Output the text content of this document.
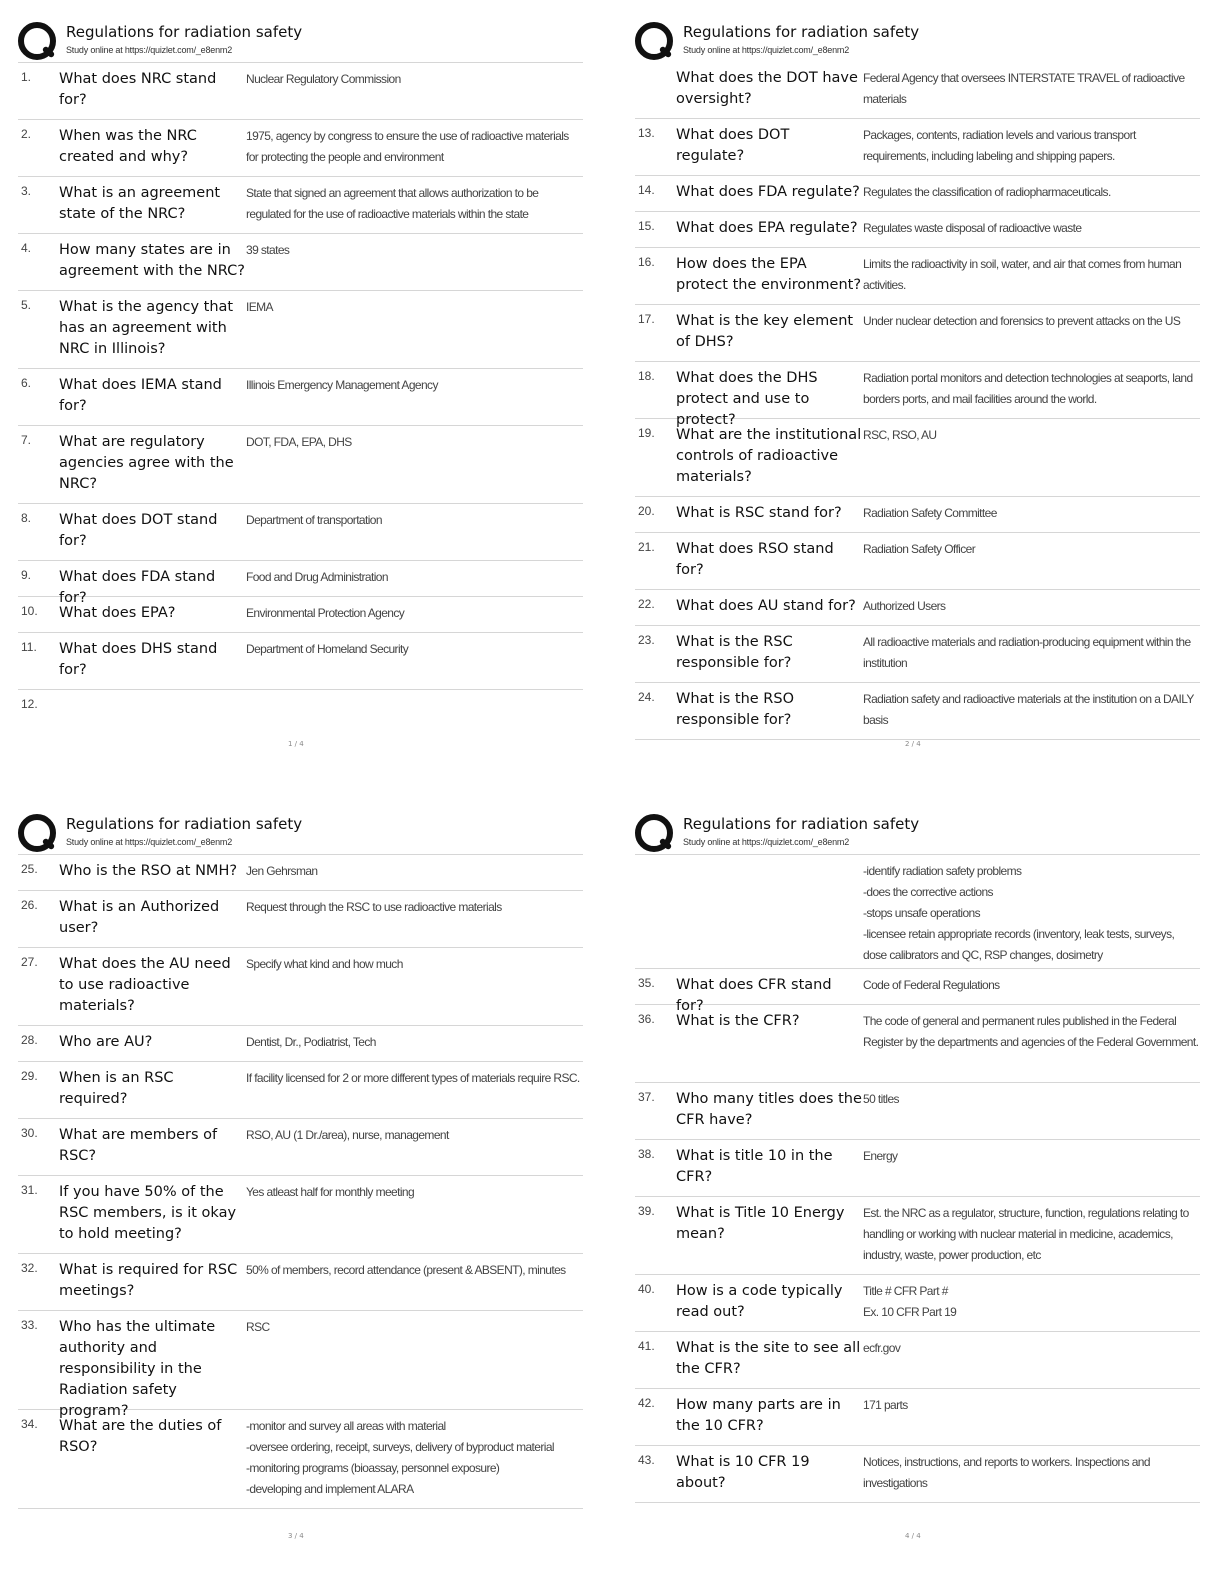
Regulations for radiation safety
Study online at https://quizlet.com/_e8enm2
1.	What does NRC stand for?
Nuclear Regulatory Commission
2.	When was the NRC created and why?
1975, agency by congress to ensure the use of radioactive materials for protecting the people and environment
3.	What is an agreement state of the NRC?
State that signed an agreement that allows authorization to be regulated for the use of radioactive materials within the state
4.	How many states are in agreement with the NRC?
39 states
5.	What is the agency that has an agreement with NRC in Illinois?
IEMA
6.	What does IEMA stand for?
Illinois Emergency Management Agency
7.	What are regulatory agencies agree with the NRC?
DOT, FDA, EPA, DHS
8.	What does DOT stand for?
Department of transportation
9.	What does FDA stand for?
Food and Drug Administration
10.	What does EPA?	Environmental Protection Agency
11.	What does DHS stand for?
Department of Homeland Security
12.
1 / 4
Regulations for radiation safety
Study online at https://quizlet.com/_e8enm2
What does the DOT have oversight?
Federal Agency that oversees INTERSTATE TRAVEL of radioactive materials
13.	What does DOT regulate?
Packages, contents, radiation levels and various transport requirements, including labeling and shipping papers.
14.	What does FDA regulate? Regulates the classification of radiopharmaceuticals.
15.	What does EPA regulate? Regulates waste disposal of radioactive waste
16.	How does the EPA protect the environment?
Limits the radioactivity in soil, water, and air that comes from human activities.
17.	What is the key element of DHS?
Under nuclear detection and forensics to prevent attacks on the US
18.	What does the DHS protect and use to protect?
Radiation portal monitors and detection technologies at seaports, land borders ports, and mail facilities around the world.
19.	What are the institutional controls of radioactive materials?
RSC, RSO, AU
20.	What is RSC stand for?	Radiation Safety Committee
21.	What does RSO stand for?
Radiation Safety Officer
22.	What does AU stand for? Authorized Users
23.	What is the RSC responsible for?
All radioactive materials and radiation-producing equipment within the institution
24.	What is the RSO responsible for?
Radiation safety and radioactive materials at the institution on a DAILY basis
2 / 4
Regulations for radiation safety
Study online at https://quizlet.com/_e8enm2
25.	Who is the RSO at NMH? Jen Gehrsman
26.	What is an Authorized user?
Request through the RSC to use radioactive materials
27.	What does the AU need to use radioactive materials?
Specify what kind and how much
28.	Who are AU?	Dentist, Dr., Podiatrist, Tech
29.	When is an RSC required?
If facility licensed for 2 or more different types of materials require RSC.
30.	What are members of RSC?
RSO, AU (1 Dr./area), nurse, management
31.	If you have 50% of the RSC members, is it okay to hold meeting?
Yes atleast half for monthly meeting
32.	What is required for RSC meetings?
50% of members, record attendance (present & ABSENT), minutes
33.	Who has the ultimate authority and responsibility in the Radiation safety program?
RSC
34.	What are the duties of RSO?
-monitor and survey all areas with material
-oversee ordering, receipt, surveys, delivery of byproduct material
-monitoring programs (bioassay, personnel exposure)
-developing and implement ALARA
3 / 4
Regulations for radiation safety
Study online at https://quizlet.com/_e8enm2
-identify radiation safety problems
-does the corrective actions
-stops unsafe operations
-licensee retain appropriate records (inventory, leak tests, surveys, dose calibrators and QC, RSP changes, dosimetry
35.	What does CFR stand for?
Code of Federal Regulations
36.	What is the CFR?	The code of general and permanent rules published in the Federal Register by the departments and agencies of the Federal Government.
37.	Who many titles does the CFR have?
50 titles
38.	What is title 10 in the CFR?
Energy
39.	What is Title 10 Energy mean?
Est. the NRC as a regulator, structure, function, regulations relating to handling or working with nuclear material in medicine, academics, industry, waste, power production, etc
40.	How is a code typically read out?
Title # CFR Part #
Ex. 10 CFR Part 19
41.	What is the site to see all the CFR?
ecfr.gov
42.	How many parts are in the 10 CFR?
171 parts
43.	What is 10 CFR 19 about?
Notices, instructions, and reports to workers. Inspections and investigations
4 / 4
